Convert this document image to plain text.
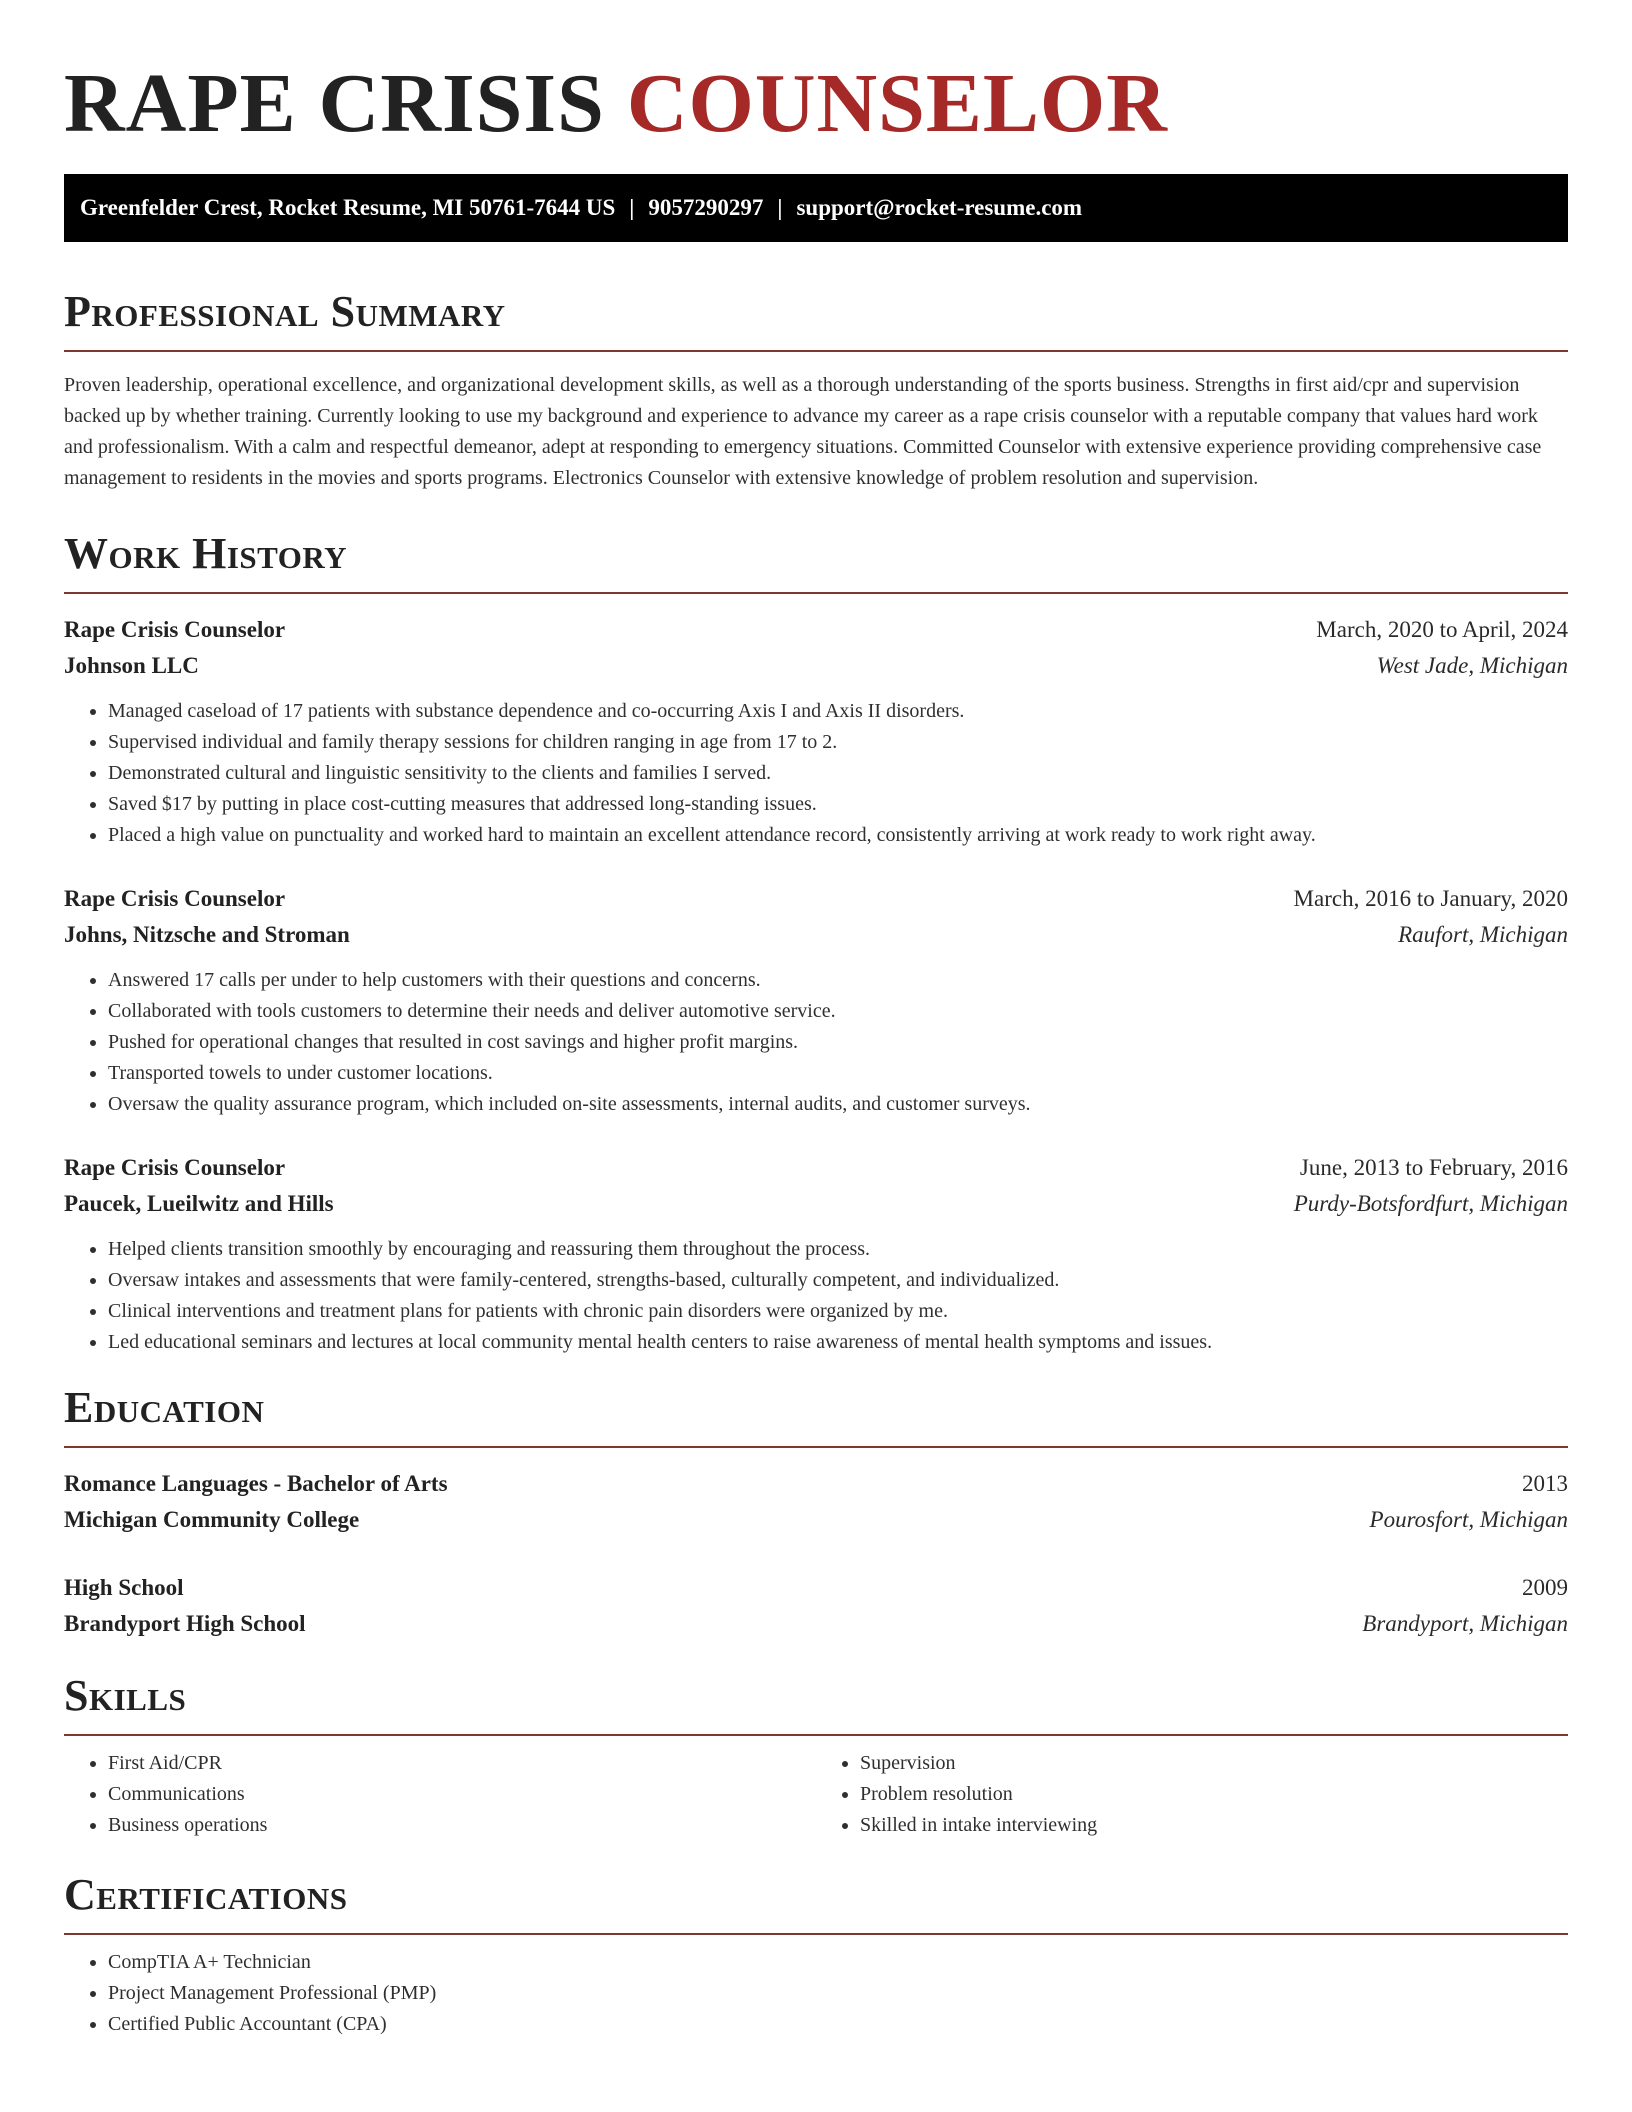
RAPE CRISIS COUNSELOR
Greenfelder Crest, Rocket Resume, MI 50761-7644 US | 9057290297 | support@rocket-resume.com
Professional Summary

Proven leadership, operational excellence, and organizational development skills, as well as a thorough understanding of the sports business. Strengths in first aid/cpr and supervision backed up by whether training. Currently looking to use my background and experience to advance my career as a rape crisis counselor with a reputable company that values hard work and professionalism. With a calm and respectful demeanor, adept at responding to emergency situations. Committed Counselor with extensive experience providing comprehensive case management to residents in the movies and sports programs. Electronics Counselor with extensive knowledge of problem resolution and supervision.

Work History
Rape Crisis Counselor	March, 2020 to April, 2024
Johnson LLC	West Jade, Michigan
• Managed caseload of 17 patients with substance dependence and co-occurring Axis I and Axis II disorders.
• Supervised individual and family therapy sessions for children ranging in age from 17 to 2.
• Demonstrated cultural and linguistic sensitivity to the clients and families I served.
• Saved $17 by putting in place cost-cutting measures that addressed long-standing issues.
• Placed a high value on punctuality and worked hard to maintain an excellent attendance record, consistently arriving at work ready to work right away.
Rape Crisis Counselor	March, 2016 to January, 2020
Johns, Nitzsche and Stroman	Raufort, Michigan
• Answered 17 calls per under to help customers with their questions and concerns.
• Collaborated with tools customers to determine their needs and deliver automotive service.
• Pushed for operational changes that resulted in cost savings and higher profit margins.
• Transported towels to under customer locations.
• Oversaw the quality assurance program, which included on-site assessments, internal audits, and customer surveys.
Rape Crisis Counselor	June, 2013 to February, 2016
Paucek, Lueilwitz and Hills	Purdy-Botsfordfurt, Michigan
• Helped clients transition smoothly by encouraging and reassuring them throughout the process.
• Oversaw intakes and assessments that were family-centered, strengths-based, culturally competent, and individualized.
• Clinical interventions and treatment plans for patients with chronic pain disorders were organized by me.
• Led educational seminars and lectures at local community mental health centers to raise awareness of mental health symptoms and issues.
Education
Romance Languages - Bachelor of Arts	2013
Michigan Community College	Pourosfort, Michigan
High School	2009
Brandyport High School	Brandyport, Michigan
Skills
• First Aid/CPR
• Communications
• Business operations
• Supervision
• Problem resolution
• Skilled in intake interviewing
Certifications
• CompTIA A+ Technician
• Project Management Professional (PMP)
• Certified Public Accountant (CPA)
